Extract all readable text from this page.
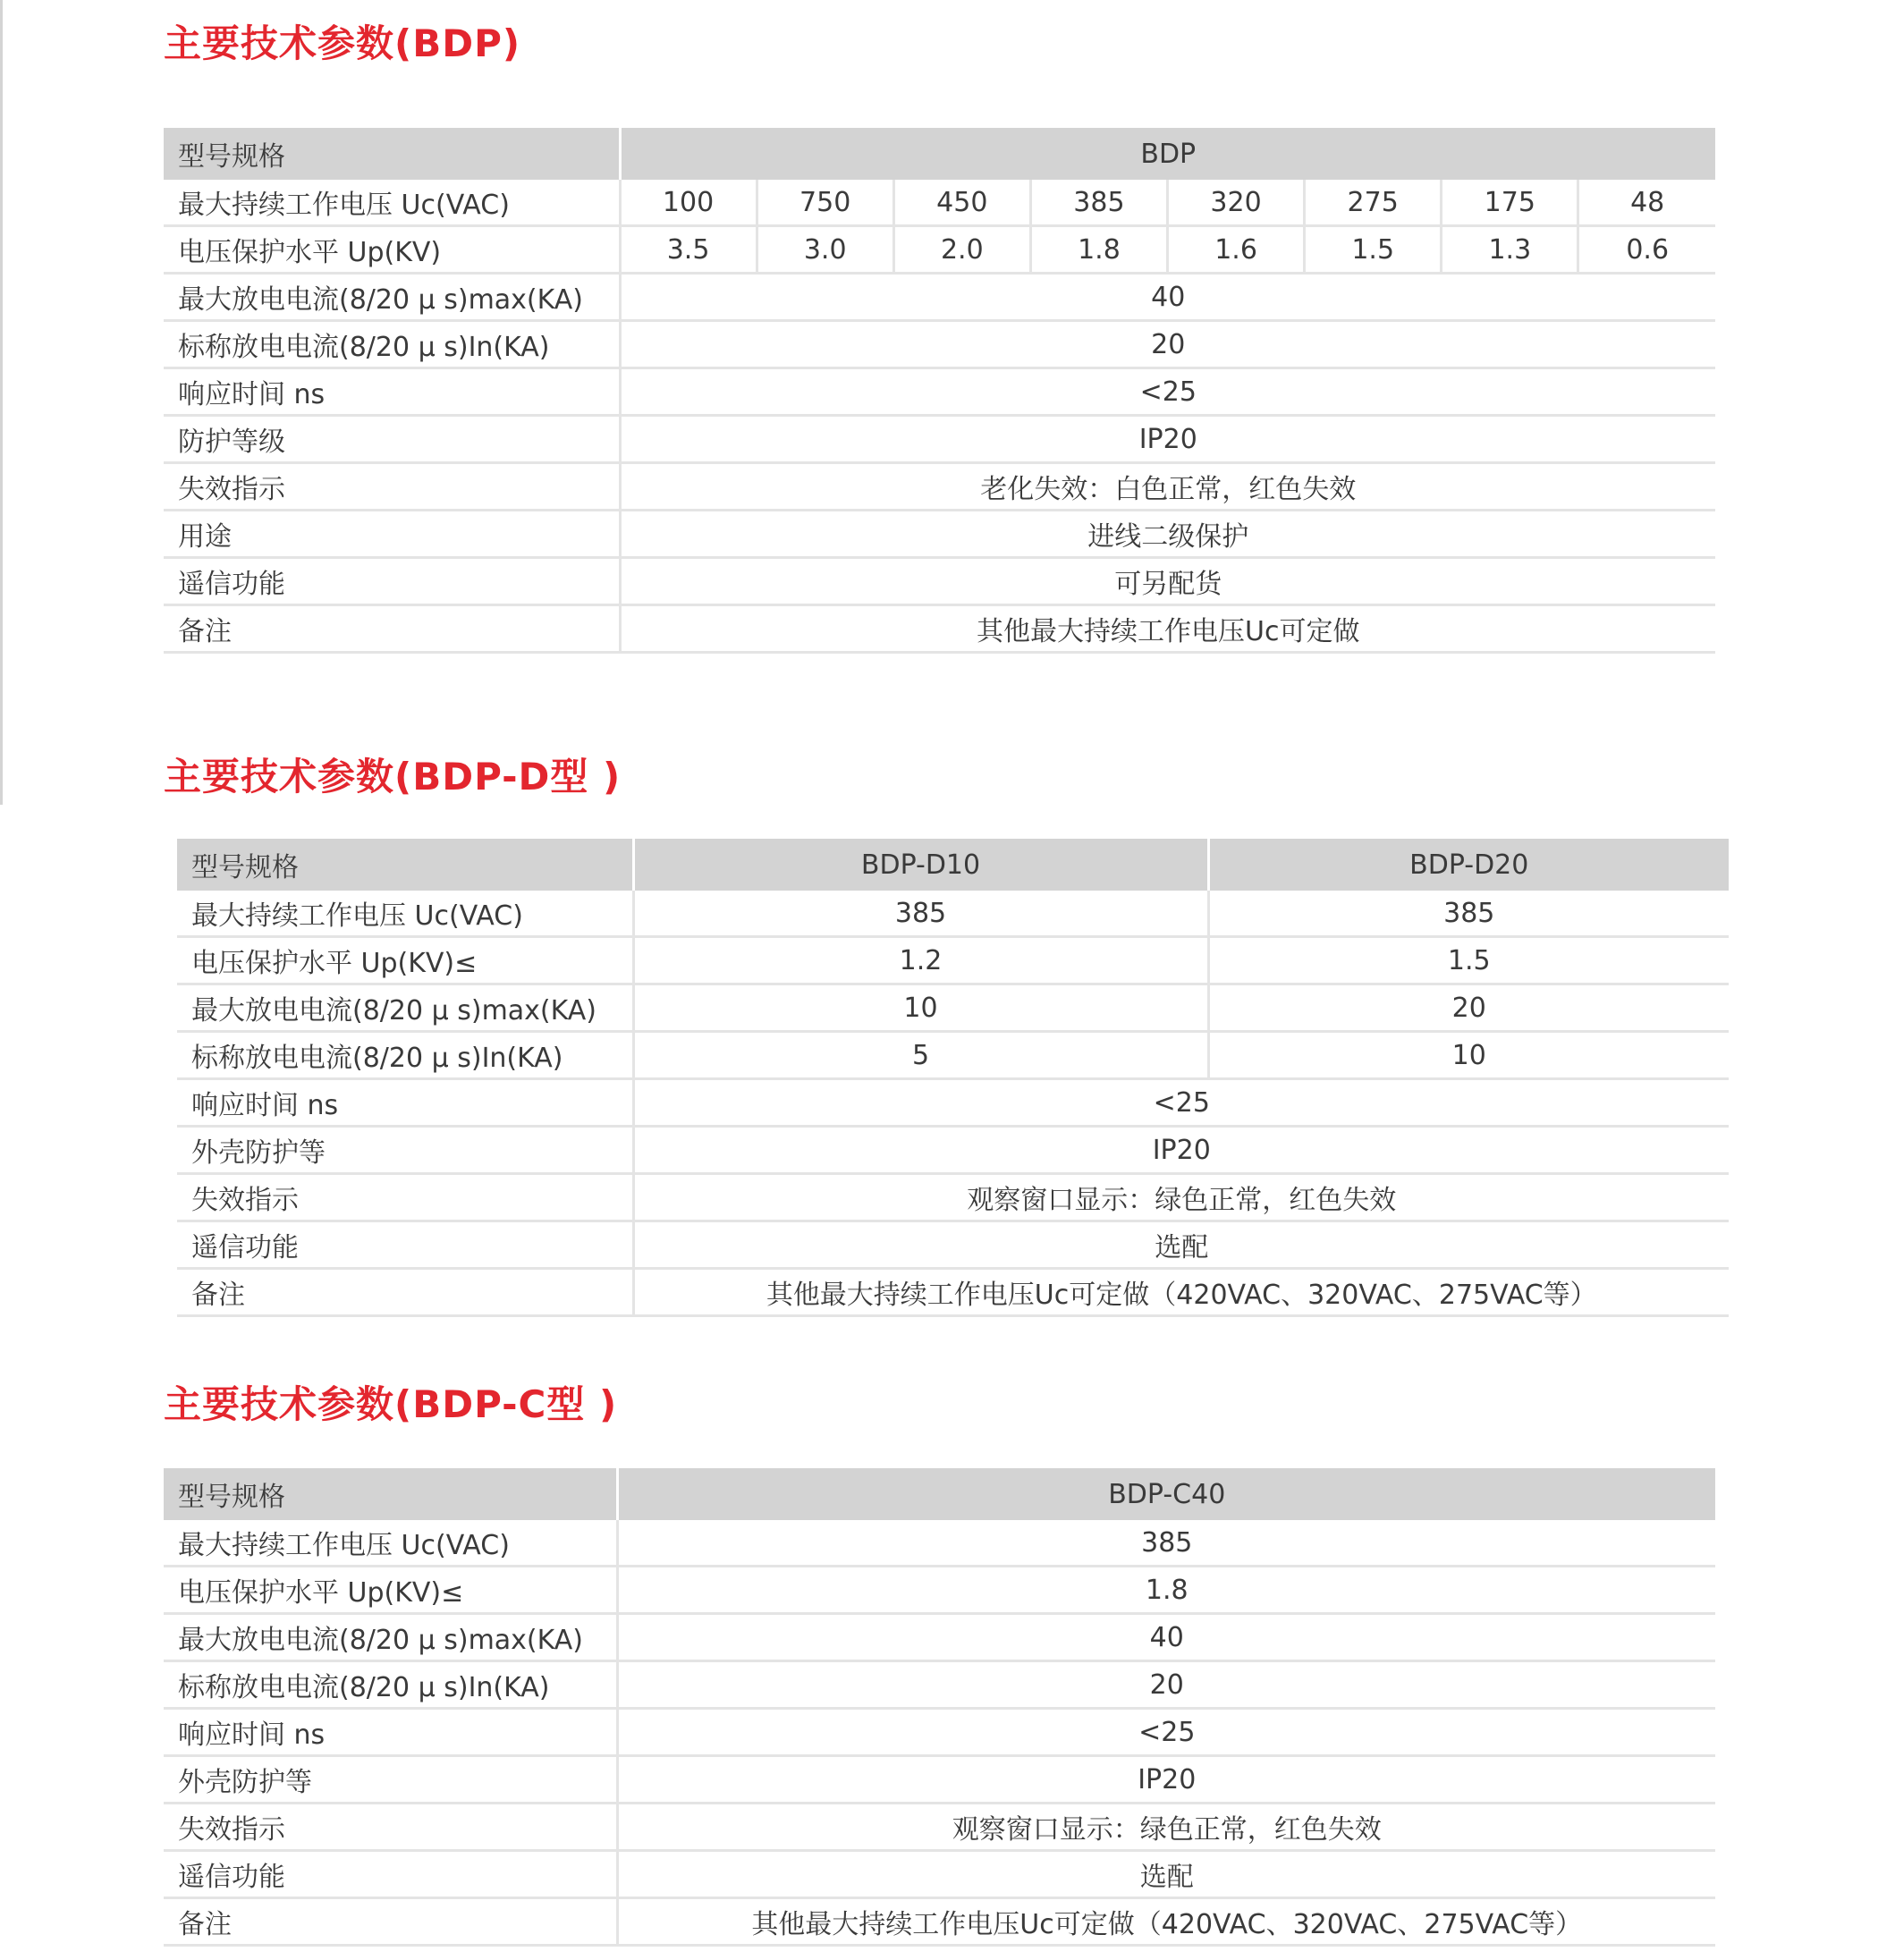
主要技术参数(BDP)
型号规格	BDP							
最大持续工作电压 Uc(VAC)	100	750	450	385	320	275	175	48
电压保护水平 Up(KV)	3.5	3.0	2.0	1.8	1.6	1.5	1.3	0.6
最大放电电流(8/20 μ s)max(KA)	40							
标称放电电流(8/20 μ s)In(KA)	20							
响应时间 ns	<25							
防护等级	IP20							
失效指示	老化失效：白色正常，红色失效							
用途	进线二级保护							
遥信功能	可另配货							
备注	其他最大持续工作电压Uc可定做							
主要技术参数(BDP-D型 )
型号规格	BDP-D10	BDP-D20
最大持续工作电压 Uc(VAC)	385	385
电压保护水平 Up(KV)≤	1.2	1.5
最大放电电流(8/20 μ s)max(KA)	10	20
标称放电电流(8/20 μ s)In(KA)	5	10
响应时间 ns	<25	
外壳防护等	IP20	
失效指示	观察窗口显示：绿色正常，红色失效	
遥信功能	选配	
备注	其他最大持续工作电压Uc可定做（420VAC、320VAC、275VAC等）	
主要技术参数(BDP-C型 )
型号规格	BDP-C40
最大持续工作电压 Uc(VAC)	385
电压保护水平 Up(KV)≤	1.8
最大放电电流(8/20 μ s)max(KA)	40
标称放电电流(8/20 μ s)In(KA)	20
响应时间 ns	<25
外壳防护等	IP20
失效指示	观察窗口显示：绿色正常，红色失效
遥信功能	选配
备注	其他最大持续工作电压Uc可定做（420VAC、320VAC、275VAC等）
